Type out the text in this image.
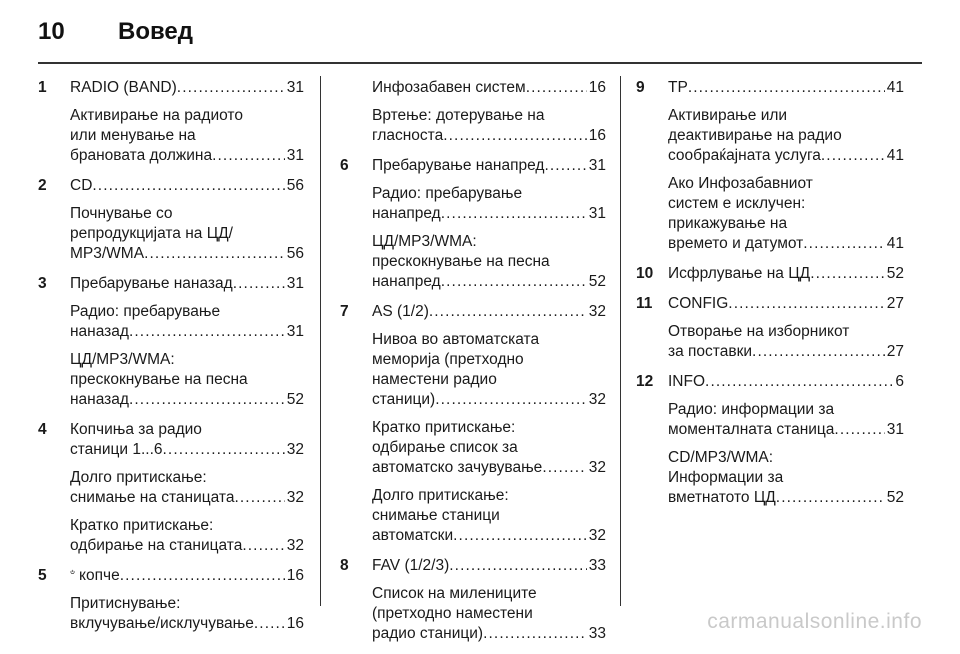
10 Вовед
1 RADIO (BAND) . . .	31
Активирање на радиото
или менување на
брановата должина . . .	31
2 CD . . .	56
Почнување со
репродукцијата на ЦД/
MP3/WMA . . .	56
3 Пребарување наназад . . .	31
Радио: пребарување
наназад . . .	31
ЦД/MP3/WMA:
прескокнување на песна
наназад . . .	52
4 Копчиња за радио
станици 1...6 . . .	32
Долго притискање:
снимање на станицата . . .	32
Кратко притискање:
одбирање на станицата . . .	32
5 копче . . .	16
Притиснување:
вклучување/исклучување . . . 16
Инфозабавен систем . . .	16
Вртење: дотерување на
гласноста . . .	16
6 Пребарување нанапред . . .	31
Радио: пребарување
нанапред . . .	31
ЦД/MP3/WMA:
прескокнување на песна
нанапред . . .	52
7 AS (1/2) . . .	32
Нивоа во автоматската
меморија (претходно
наместени радио
станици) . . .	32
Кратко притискање:
одбирање список за
автоматско зачувување . . .	32
Долго притискање:
снимање станици
автоматски . . .	32
8 FAV (1/2/3) . . .	33
Список на милениците
(претходно наместени
радио станици) . . .	33
9 TP . . .	41
Активирање или
деактивирање на радио
сообраќајната услуга . . .	41
Ако Инфозабавниот
систем е исклучен:
прикажување на
времето и датумот . . .	41
10 Исфрлување на ЦД . . .	52
11 CONFIG . . .	27
Отворање на изборникот
за поставки . . .	27
12 INFO . . .	6
Радио: информации за
моменталната станица . . .	31
CD/MP3/WMA:
Информации за
вметнатото ЦД . . .	52
carmanualsonline.info
